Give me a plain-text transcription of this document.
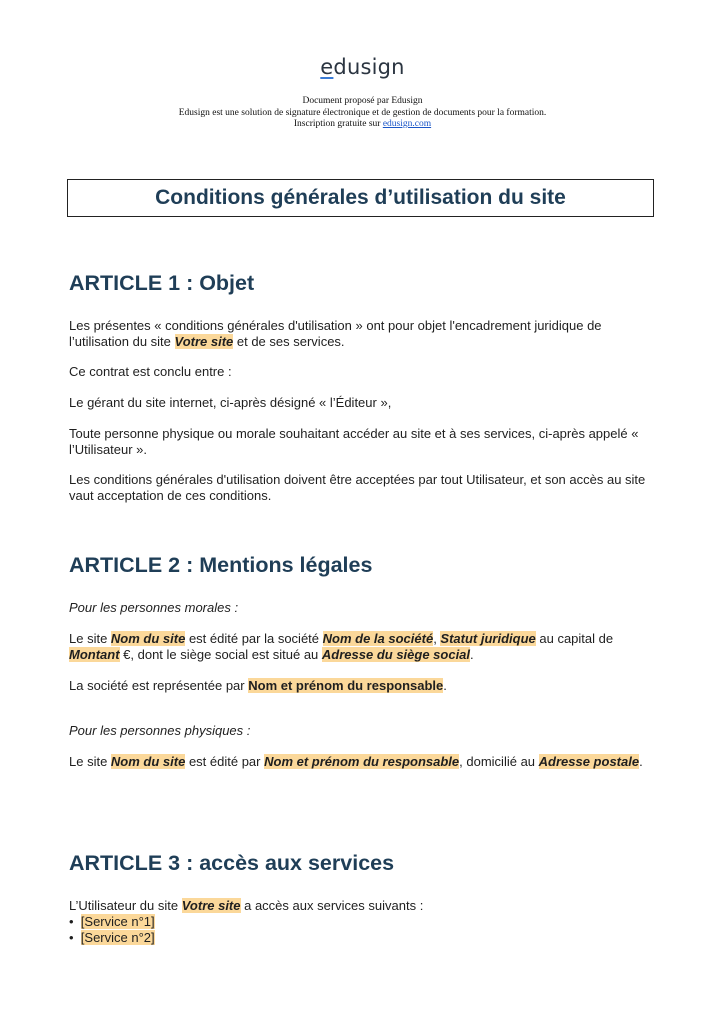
edusign
Document proposé par Edusign
Edusign est une solution de signature électronique et de gestion de documents pour la formation.
Inscription gratuite sur edusign.com
Conditions générales d’utilisation du site
ARTICLE 1 : Objet
Les présentes « conditions générales d'utilisation » ont pour objet l'encadrement juridique de l’utilisation du site Votre site et de ses services.
Ce contrat est conclu entre :
Le gérant du site internet, ci-après désigné « l’Éditeur »,
Toute personne physique ou morale souhaitant accéder au site et à ses services, ci-après appelé « l’Utilisateur ».
Les conditions générales d'utilisation doivent être acceptées par tout Utilisateur, et son accès au site vaut acceptation de ces conditions.
ARTICLE 2 : Mentions légales
Pour les personnes morales :
Le site Nom du site est édité par la société Nom de la société, Statut juridique au capital de Montant €, dont le siège social est situé au Adresse du siège social.
La société est représentée par Nom et prénom du responsable.
Pour les personnes physiques :
Le site Nom du site est édité par Nom et prénom du responsable, domicilié au Adresse postale.
ARTICLE 3 : accès aux services
L’Utilisateur du site Votre site a accès aux services suivants :
• [Service n°1]
• [Service n°2]
